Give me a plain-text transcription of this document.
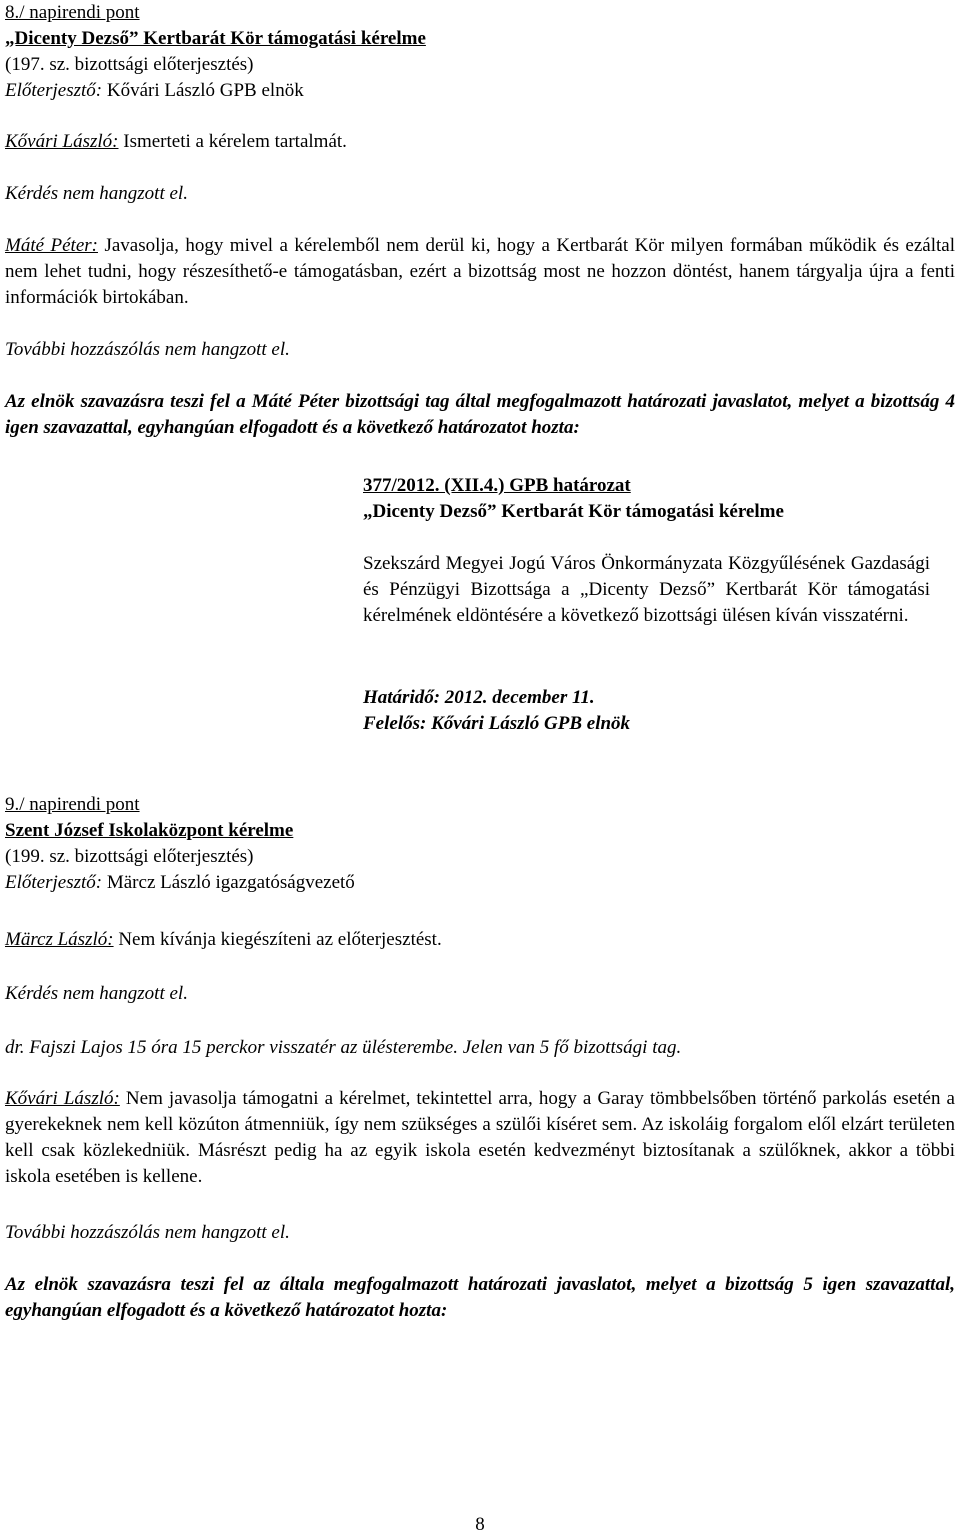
8./ napirendi pont

„Dicenty Dezső” Kertbarát Kör támogatási kérelme

(197. sz. bizottsági előterjesztés)

Előterjesztő: Kővári László GPB elnök

Kővári László: Ismerteti a kérelem tartalmát.

Kérdés nem hangzott el.

Máté Péter: Javasolja, hogy mivel a kérelemből nem derül ki, hogy a Kertbarát Kör milyen formában működik és ezáltal nem lehet tudni, hogy részesíthető-e támogatásban, ezért a bizottság most ne hozzon döntést, hanem tárgyalja újra a fenti információk birtokában.

További hozzászólás nem hangzott el.

Az elnök szavazásra teszi fel a Máté Péter bizottsági tag által megfogalmazott határozati javaslatot, melyet a bizottság 4 igen szavazattal, egyhangúan elfogadott és a következő határozatot hozta:

377/2012. (XII.4.) GPB határozat

„Dicenty Dezső” Kertbarát Kör támogatási kérelme

Szekszárd Megyei Jogú Város Önkormányzata Közgyűlésének Gazdasági és Pénzügyi Bizottsága a „Dicenty Dezső” Kertbarát Kör támogatási kérelmének eldöntésére a következő bizottsági ülésen kíván visszatérni.

Határidő: 2012. december 11.

Felelős: Kővári László GPB elnök

9./ napirendi pont

Szent József Iskolaközpont kérelme

(199. sz. bizottsági előterjesztés)

Előterjesztő: Märcz László igazgatóságvezető

Märcz László: Nem kívánja kiegészíteni az előterjesztést.

Kérdés nem hangzott el.

dr. Fajszi Lajos 15 óra 15 perckor visszatér az ülésterembe. Jelen van 5 fő bizottsági tag.

Kővári László: Nem javasolja támogatni a kérelmet, tekintettel arra, hogy a Garay tömbbelsőben történő parkolás esetén a gyerekeknek nem kell közúton átmenniük, így nem szükséges a szülői kíséret sem. Az iskoláig forgalom elől elzárt területen kell csak közlekedniük. Másrészt pedig ha az egyik iskola esetén kedvezményt biztosítanak a szülőknek, akkor a többi iskola esetében is kellene.

További hozzászólás nem hangzott el.

Az elnök szavazásra teszi fel az általa megfogalmazott határozati javaslatot, melyet a bizottság 5 igen szavazattal, egyhangúan elfogadott és a következő határozatot hozta:

8
